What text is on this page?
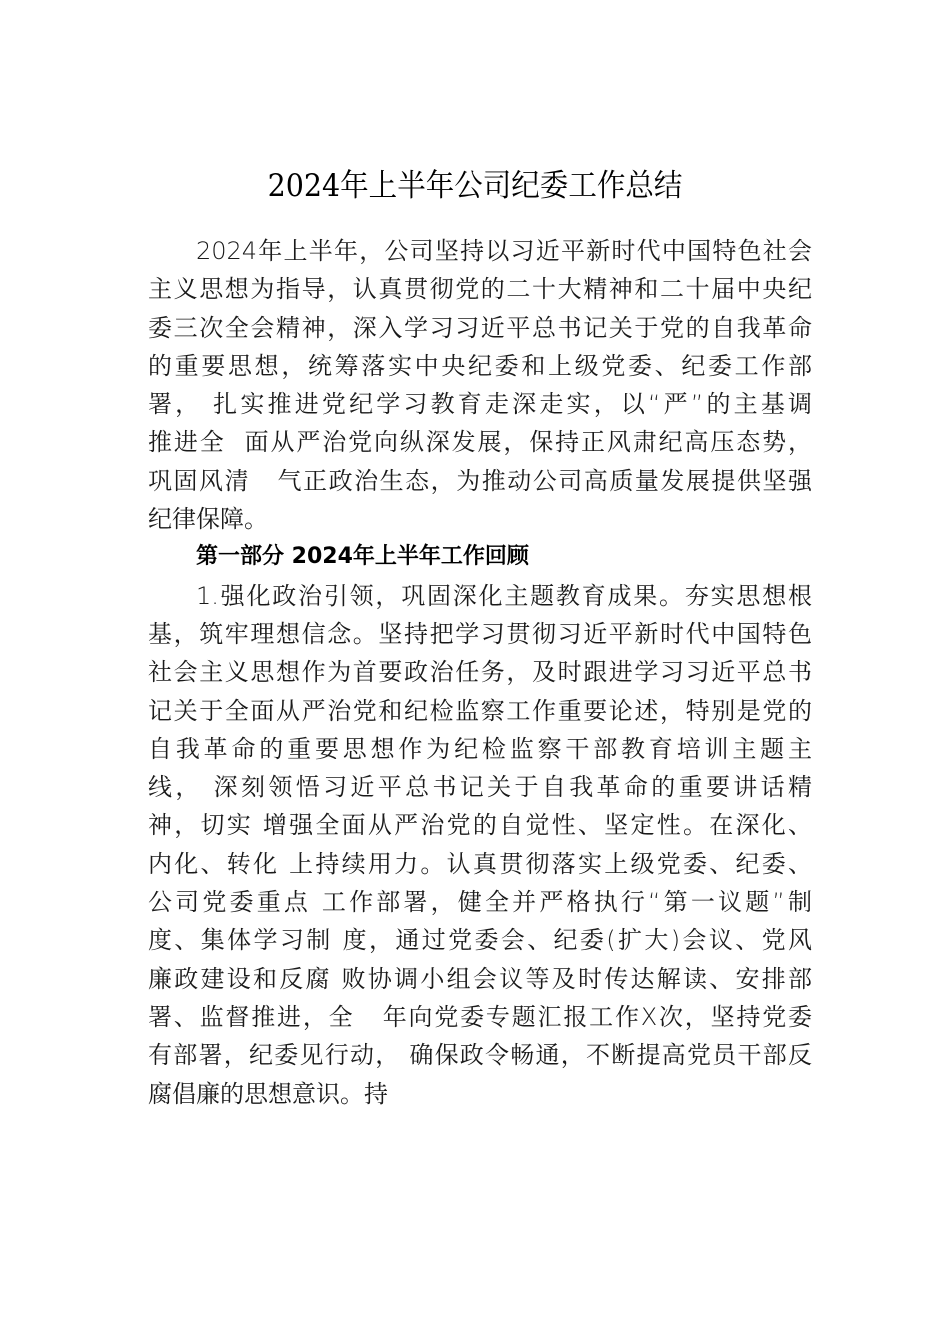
2024年上半年公司纪委工作总结
2024年上半年，公司坚持以习近平新时代中国特色社会
主义思想为指导，认真贯彻党的二十大精神和二十届中央纪
委三次全会精神，深入学习习近平总书记关于党的自我革命
的重要思想，统筹落实中央纪委和上级党委、纪委工作部
署， 扎实推进党纪学习教育走深走实，以“严”的主基调
推进全  面从严治党向纵深发展，保持正风肃纪高压态势，
巩固风清   气正政治生态，为推动公司高质量发展提供坚强
纪律保障。
第一部分 2024年上半年工作回顾
1.强化政治引领，巩固深化主题教育成果。夯实思想根
基，筑牢理想信念。坚持把学习贯彻习近平新时代中国特色
社会主义思想作为首要政治任务，及时跟进学习习近平总书
记关于全面从严治党和纪检监察工作重要论述，特别是党的
自我革命的重要思想作为纪检监察干部教育培训主题主
线， 深刻领悟习近平总书记关于自我革命的重要讲话精
神，切实 增强全面从严治党的自觉性、坚定性。在深化、
内化、转化 上持续用力。认真贯彻落实上级党委、纪委、
公司党委重点 工作部署，健全并严格执行“第一议题”制
度、集体学习制 度，通过党委会、纪委(扩大)会议、党风
廉政建设和反腐 败协调小组会议等及时传达解读、安排部
署、监督推进，全   年向党委专题汇报工作X次，坚持党委
有部署，纪委见行动， 确保政令畅通，不断提高党员干部反
腐倡廉的思想意识。持
